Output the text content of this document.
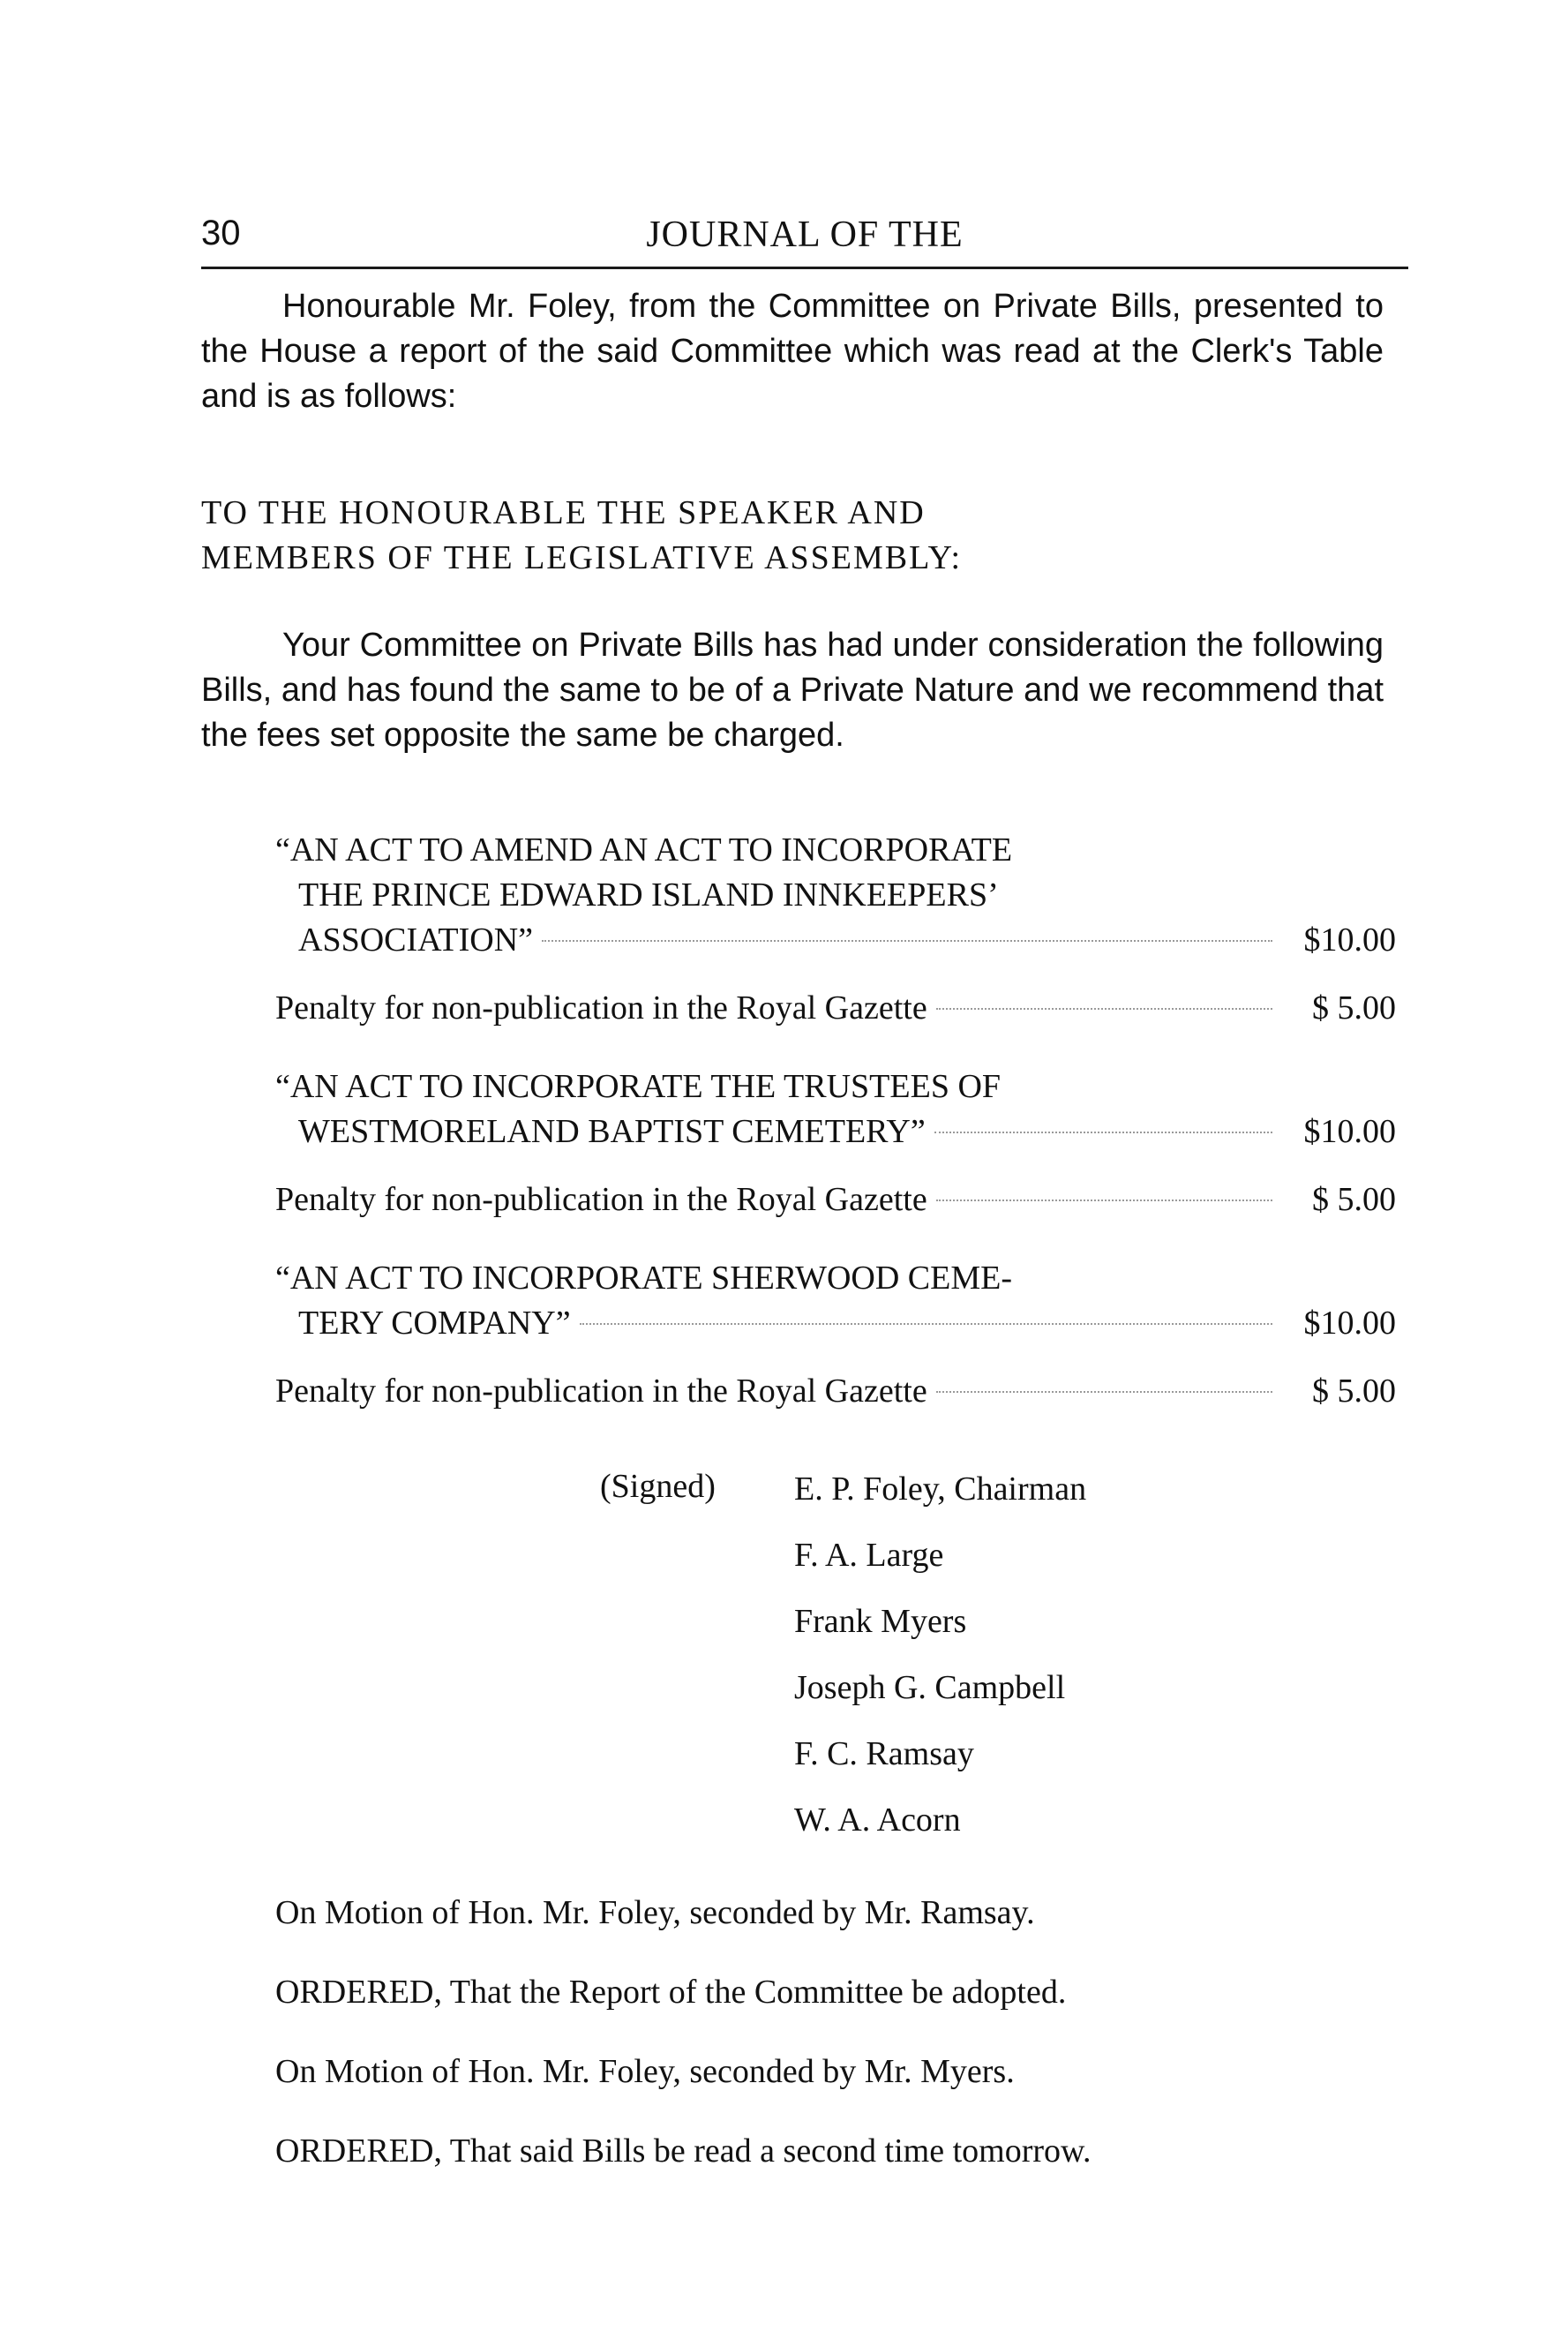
30	JOURNAL OF THE

Honourable Mr. Foley, from the Committee on Private Bills, presented to the House a report of the said Committee which was read at the Clerk's Table and is as follows:

TO THE HONOURABLE THE SPEAKER AND
MEMBERS OF THE LEGISLATIVE ASSEMBLY:

Your Committee on Private Bills has had under consideration the following Bills, and has found the same to be of a Private Nature and we recommend that the fees set opposite the same be charged.

“AN ACT TO AMEND AN ACT TO INCORPORATE
THE PRINCE EDWARD ISLAND INNKEEPERS’
ASSOCIATION”	$10.00
Penalty for non-publication in the Royal Gazette	$ 5.00
“AN ACT TO INCORPORATE THE TRUSTEES OF
WESTMORELAND BAPTIST CEMETERY”	$10.00
Penalty for non-publication in the Royal Gazette	$ 5.00
“AN ACT TO INCORPORATE SHERWOOD CEME-
TERY COMPANY”	$10.00
Penalty for non-publication in the Royal Gazette	$ 5.00
(Signed) E. P. Foley, Chairman
F. A. Large
Frank Myers
Joseph G. Campbell
F. C. Ramsay
W. A. Acorn
On Motion of Hon. Mr. Foley, seconded by Mr. Ramsay.
ORDERED, That the Report of the Committee be adopted.
On Motion of Hon. Mr. Foley, seconded by Mr. Myers.
ORDERED, That said Bills be read a second time tomorrow.
